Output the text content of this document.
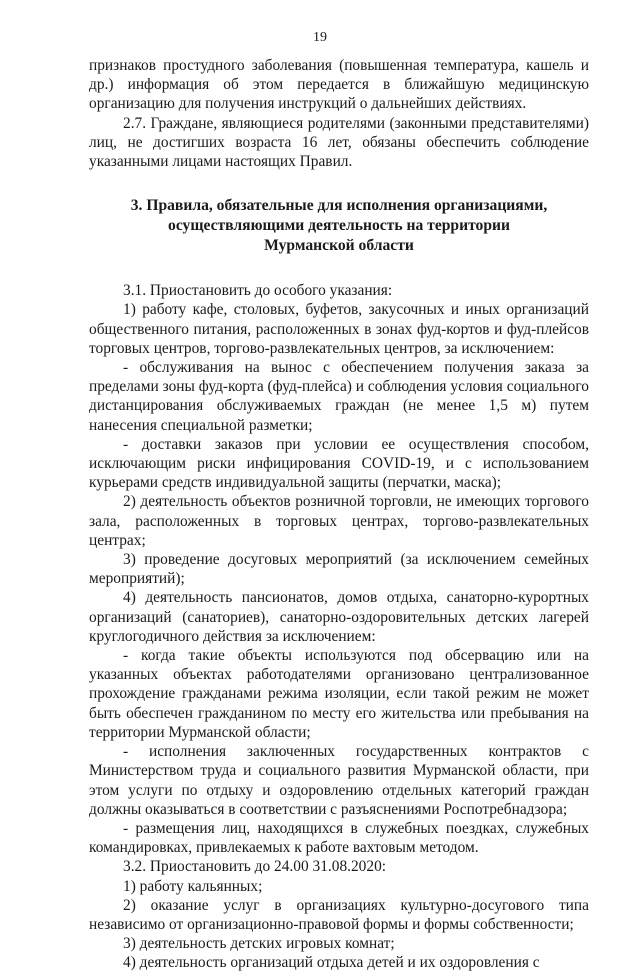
19

признаков простудного заболевания (повышенная температура, кашель и др.) информация об этом передается в ближайшую медицинскую организацию для получения инструкций о дальнейших действиях.

2.7. Граждане, являющиеся родителями (законными представителями) лиц, не достигших возраста 16 лет, обязаны обеспечить соблюдение указанными лицами настоящих Правил.

3. Правила, обязательные для исполнения организациями,
осуществляющими деятельность на территории
Мурманской области

3.1. Приостановить до особого указания:

1) работу кафе, столовых, буфетов, закусочных и иных организаций общественного питания, расположенных в зонах фуд-кортов и фуд-плейсов торговых центров, торгово-развлекательных центров, за исключением:

- обслуживания на вынос с обеспечением получения заказа за пределами зоны фуд-корта (фуд-плейса) и соблюдения условия социального дистанцирования обслуживаемых граждан (не менее 1,5 м) путем нанесения специальной разметки;

- доставки заказов при условии ее осуществления способом, исключающим риски инфицирования COVID-19, и с использованием курьерами средств индивидуальной защиты (перчатки, маска);

2) деятельность объектов розничной торговли, не имеющих торгового зала, расположенных в торговых центрах, торгово-развлекательных центрах;

3) проведение досуговых мероприятий (за исключением семейных мероприятий);

4) деятельность пансионатов, домов отдыха, санаторно-курортных организаций (санаториев), санаторно-оздоровительных детских лагерей круглогодичного действия за исключением:

- когда такие объекты используются под обсервацию или на указанных объектах работодателями организовано централизованное прохождение гражданами режима изоляции, если такой режим не может быть обеспечен гражданином по месту его жительства или пребывания на территории Мурманской области;

- исполнения заключенных государственных контрактов с Министерством труда и социального развития Мурманской области, при этом услуги по отдыху и оздоровлению отдельных категорий граждан должны оказываться в соответствии с разъяснениями Роспотребнадзора;

- размещения лиц, находящихся в служебных поездках, служебных командировках, привлекаемых к работе вахтовым методом.

3.2. Приостановить до 24.00 31.08.2020:

1) работу кальянных;

2) оказание услуг в организациях культурно-досугового типа независимо от организационно-правовой формы и формы собственности;

3) деятельность детских игровых комнат;

4) деятельность организаций отдыха детей и их оздоровления с
